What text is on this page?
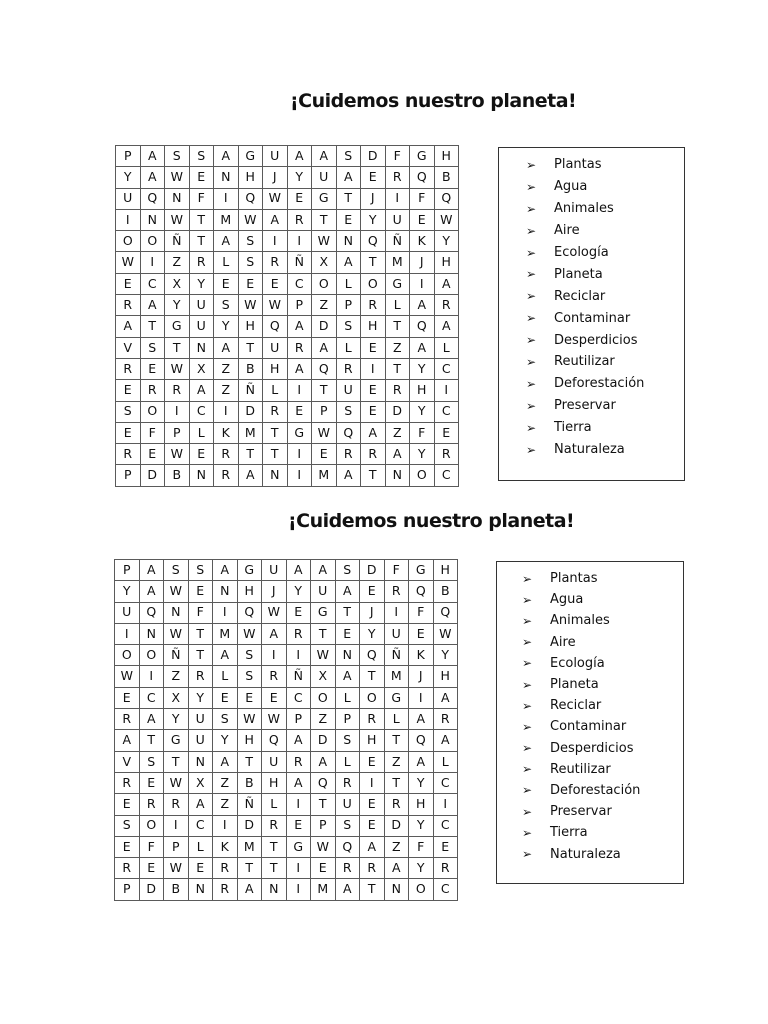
¡Cuidemos nuestro planeta!
P	A	S	S	A	G	U	A	A	S	D	F	G	H
Y	A	W	E	N	H	J	Y	U	A	E	R	Q	B
U	Q	N	F	I	Q	W	E	G	T	J	I	F	Q
I	N	W	T	M	W	A	R	T	E	Y	U	E	W
O	O	Ñ	T	A	S	I	I	W	N	Q	Ñ	K	Y
W	I	Z	R	L	S	R	Ñ	X	A	T	M	J	H
E	C	X	Y	E	E	E	C	O	L	O	G	I	A
R	A	Y	U	S	W	W	P	Z	P	R	L	A	R
A	T	G	U	Y	H	Q	A	D	S	H	T	Q	A
V	S	T	N	A	T	U	R	A	L	E	Z	A	L
R	E	W	X	Z	B	H	A	Q	R	I	T	Y	C
E	R	R	A	Z	Ñ	L	I	T	U	E	R	H	I
S	O	I	C	I	D	R	E	P	S	E	D	Y	C
E	F	P	L	K	M	T	G	W	Q	A	Z	F	E
R	E	W	E	R	T	T	I	E	R	R	A	Y	R
P	D	B	N	R	A	N	I	M	A	T	N	O	C
➢	Plantas
➢	Agua
➢	Animales
➢	Aire
➢	Ecología
➢	Planeta
➢	Reciclar
➢	Contaminar
➢	Desperdicios
➢	Reutilizar
➢	Deforestación
➢	Preservar
➢	Tierra
➢	Naturaleza
¡Cuidemos nuestro planeta!
P	A	S	S	A	G	U	A	A	S	D	F	G	H
Y	A	W	E	N	H	J	Y	U	A	E	R	Q	B
U	Q	N	F	I	Q	W	E	G	T	J	I	F	Q
I	N	W	T	M	W	A	R	T	E	Y	U	E	W
O	O	Ñ	T	A	S	I	I	W	N	Q	Ñ	K	Y
W	I	Z	R	L	S	R	Ñ	X	A	T	M	J	H
E	C	X	Y	E	E	E	C	O	L	O	G	I	A
R	A	Y	U	S	W	W	P	Z	P	R	L	A	R
A	T	G	U	Y	H	Q	A	D	S	H	T	Q	A
V	S	T	N	A	T	U	R	A	L	E	Z	A	L
R	E	W	X	Z	B	H	A	Q	R	I	T	Y	C
E	R	R	A	Z	Ñ	L	I	T	U	E	R	H	I
S	O	I	C	I	D	R	E	P	S	E	D	Y	C
E	F	P	L	K	M	T	G	W	Q	A	Z	F	E
R	E	W	E	R	T	T	I	E	R	R	A	Y	R
P	D	B	N	R	A	N	I	M	A	T	N	O	C
➢	Plantas
➢	Agua
➢	Animales
➢	Aire
➢	Ecología
➢	Planeta
➢	Reciclar
➢	Contaminar
➢	Desperdicios
➢	Reutilizar
➢	Deforestación
➢	Preservar
➢	Tierra
➢	Naturaleza
